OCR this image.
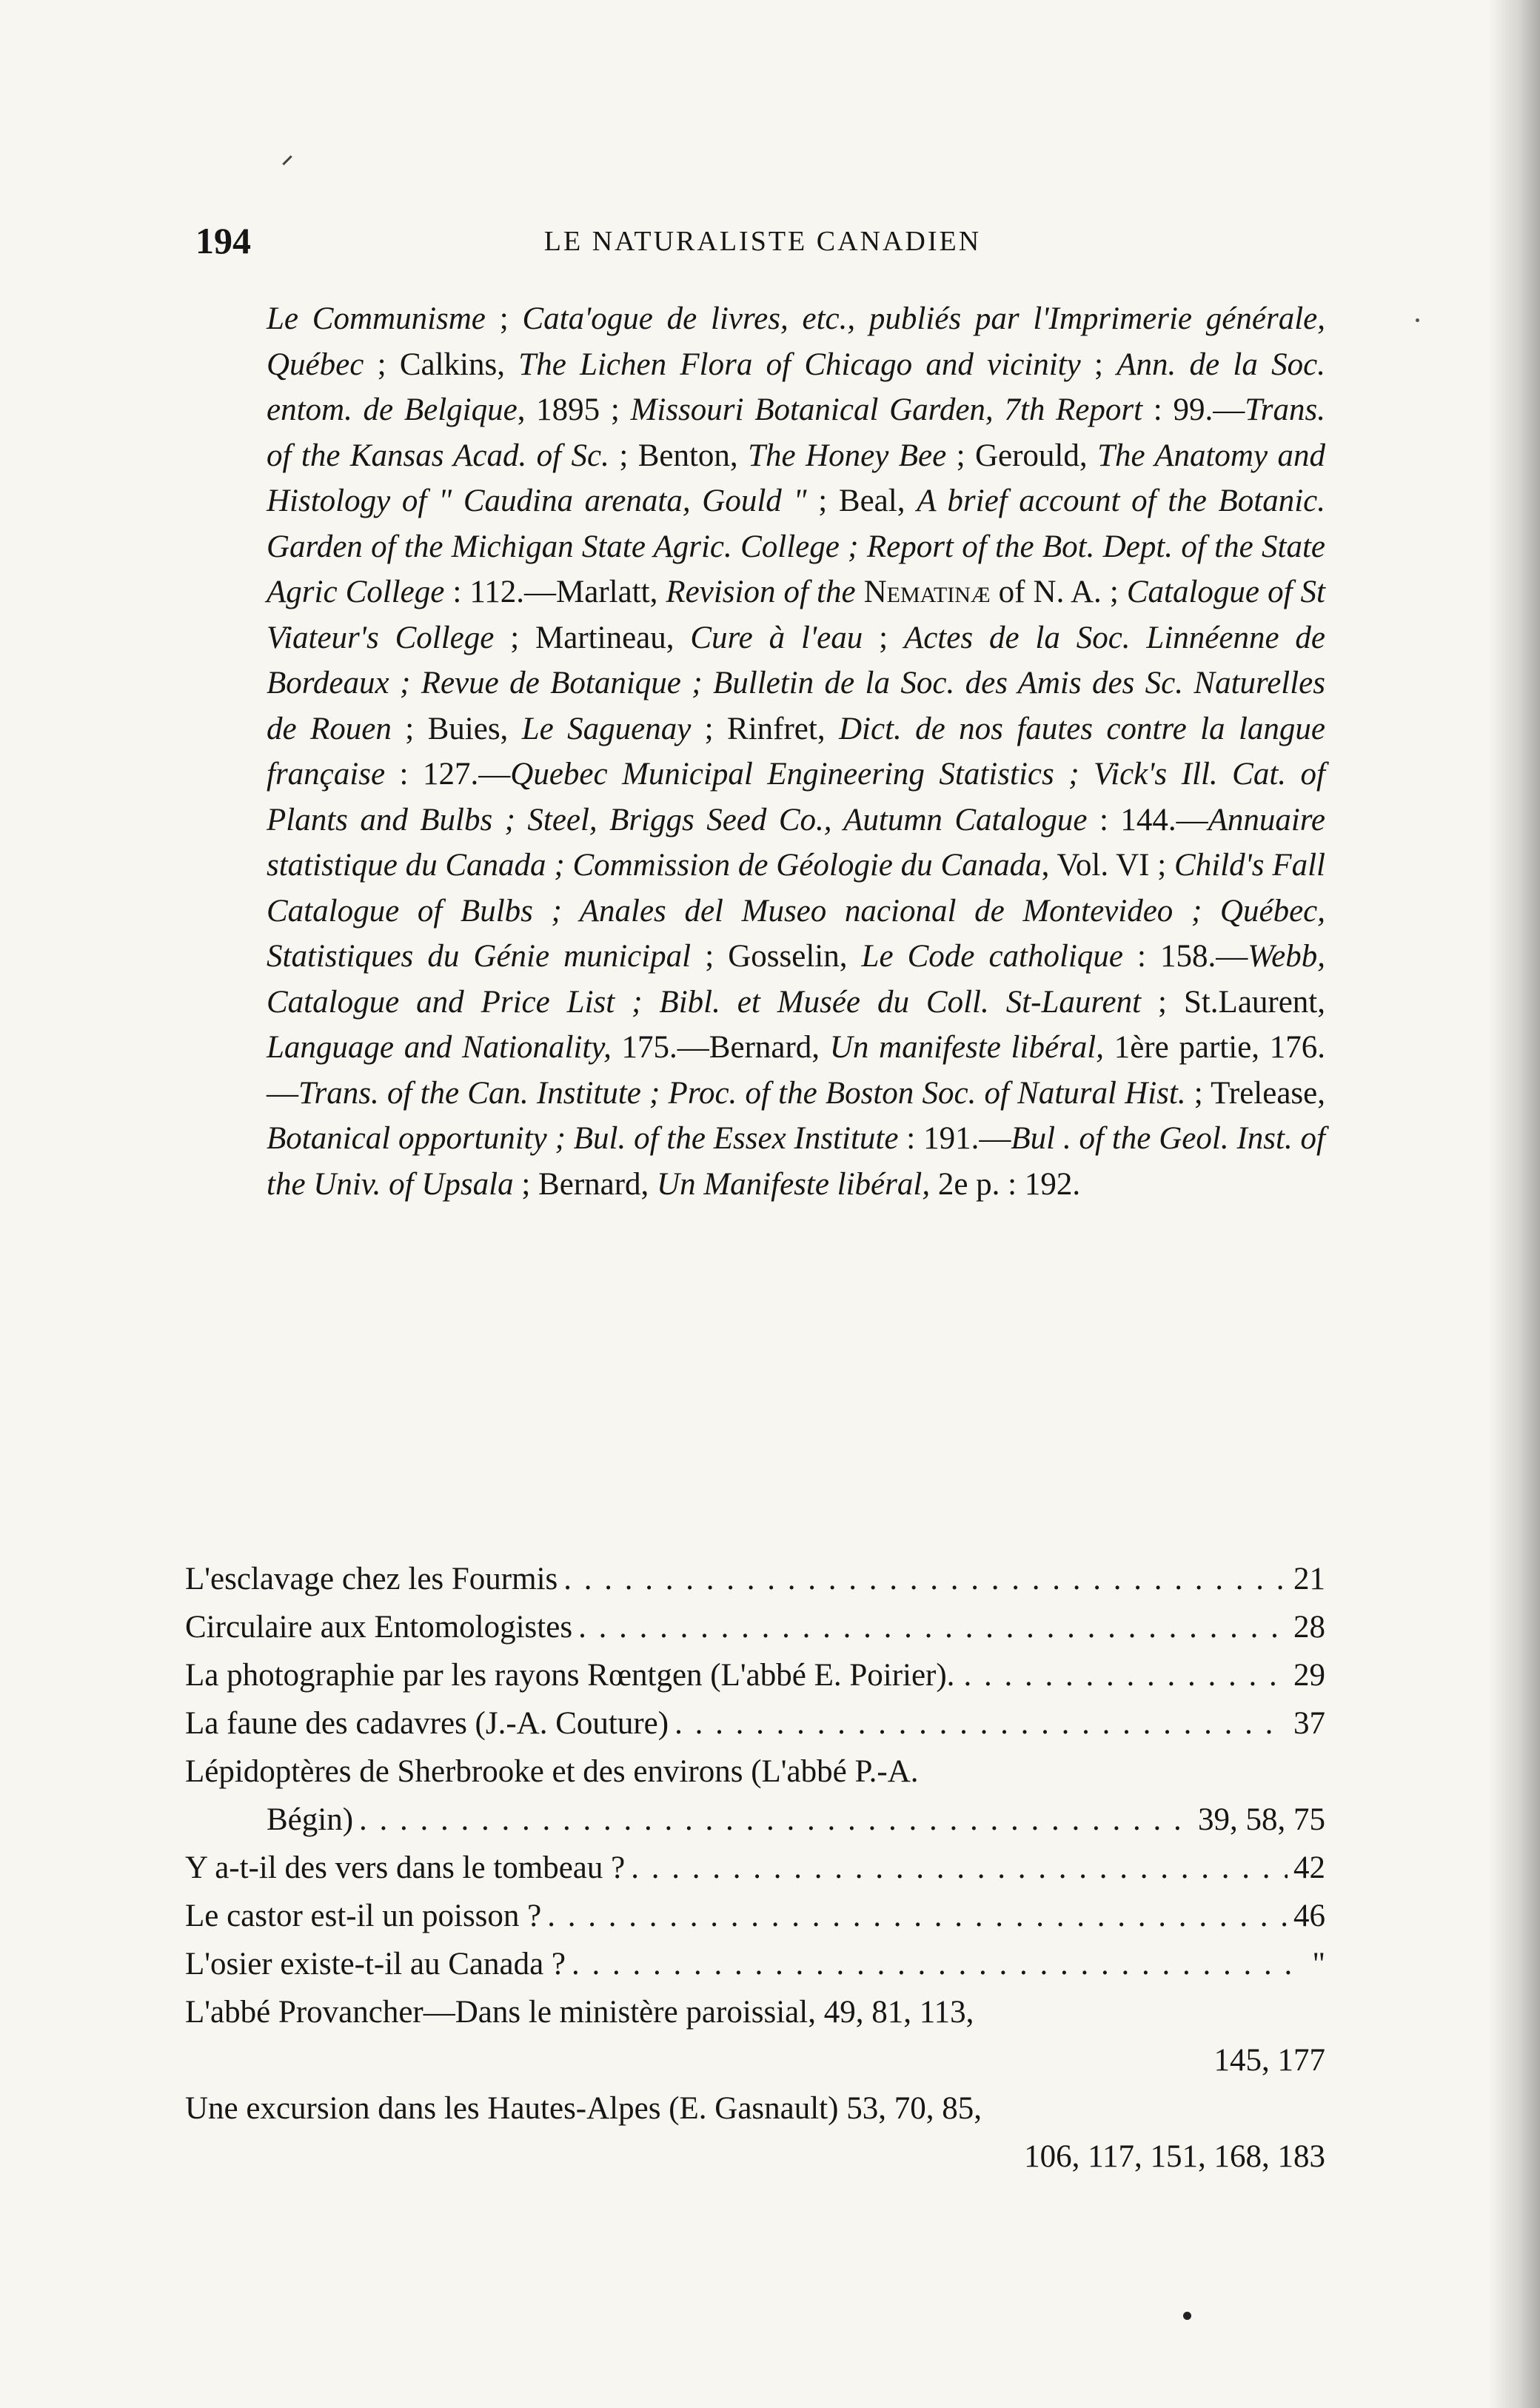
194	LE NATURALISTE CANADIEN

Le Communisme ; Cata'ogue de livres, etc., publiés par l'Imprimerie générale, Québec ; Calkins, The Lichen Flora of Chicago and vicinity ; Ann. de la Soc. entom. de Belgique, 1895 ; Missouri Botanical Garden, 7th Report : 99.—Trans. of the Kansas Acad. of Sc. ; Benton, The Honey Bee ; Gerould, The Anatomy and Histology of " Caudina arenata, Gould " ; Beal, A brief account of the Botanic. Garden of the Michigan State Agric. College ; Report of the Bot. Dept. of the State Agric College : 112.—Marlatt, Revision of the Nematinæ of N. A. ; Catalogue of St Viateur's College ; Martineau, Cure à l'eau ; Actes de la Soc. Linnéenne de Bordeaux ; Revue de Botanique ; Bulletin de la Soc. des Amis des Sc. Naturelles de Rouen ; Buies, Le Saguenay ; Rinfret, Dict. de nos fautes contre la langue française : 127.—Quebec Municipal Engineering Statistics ; Vick's Ill. Cat. of Plants and Bulbs ; Steel, Briggs Seed Co., Autumn Catalogue : 144.—Annuaire statistique du Canada ; Commission de Géologie du Canada, Vol. VI ; Child's Fall Catalogue of Bulbs ; Anales del Museo nacional de Montevideo ; Québec, Statistiques du Génie municipal ; Gosselin, Le Code catholique : 158.—Webb, Catalogue and Price List ; Bibl. et Musée du Coll. St-Laurent ; St.Laurent, Language and Nationality, 175.—Bernard, Un manifeste libéral, 1ère partie, 176.—Trans. of the Can. Institute ; Proc. of the Boston Soc. of Natural Hist. ; Trelease, Botanical opportunity ; Bul. of the Essex Institute : 191.—Bul . of the Geol. Inst. of the Univ. of Upsala ; Bernard, Un Manifeste libéral, 2e p. : 192.

L'esclavage chez les Fourmis . . .	21
Circulaire aux Entomologistes . . .	28
La photographie par les rayons Rœntgen (L'abbé E. Poirier). . . .	29
La faune des cadavres (J.-A. Couture) . . .	37
Lépidoptères de Sherbrooke et des environs (L'abbé P.-A.
Bégin) . . .	39, 58, 75
Y a-t-il des vers dans le tombeau ? . . .	42
Le castor est-il un poisson ? . . .	46
L'osier existe-t-il au Canada ? . . .	"
L'abbé Provancher—Dans le ministère paroissial, 49, 81, 113,
145, 177
Une excursion dans les Hautes-Alpes (E. Gasnault) 53, 70, 85,
106, 117, 151, 168, 183
